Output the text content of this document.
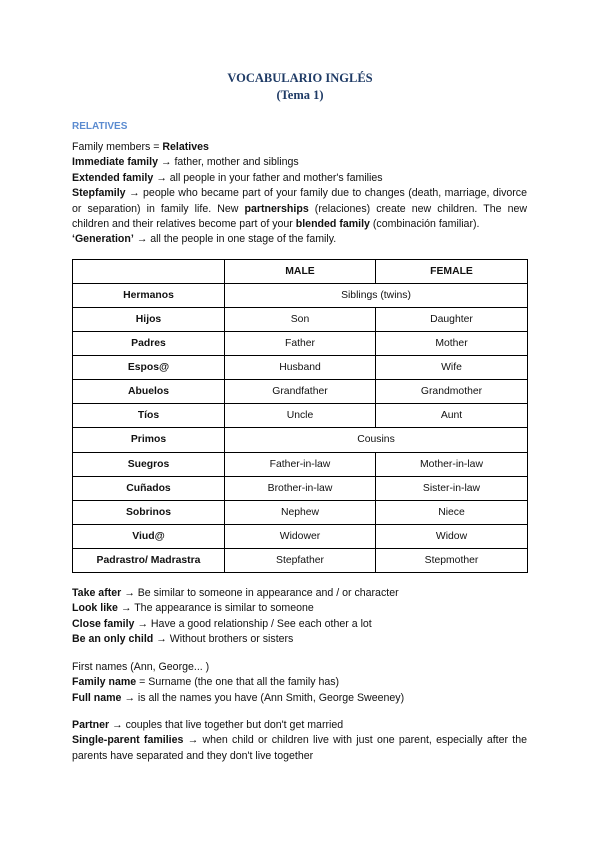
VOCABULARIO INGLÉS
(Tema 1)
RELATIVES
Family members = Relatives
Immediate family → father, mother and siblings
Extended family → all people in your father and mother's families
Stepfamily → people who became part of your family due to changes (death, marriage, divorce or separation) in family life. New partnerships (relaciones) create new children. The new children and their relatives become part of your blended family (combinación familiar).
‘Generation’ → all the people in one stage of the family.
	MALE	FEMALE
Hermanos	Siblings (twins)	
Hijos	Son	Daughter
Padres	Father	Mother
Espos@	Husband	Wife
Abuelos	Grandfather	Grandmother
Tíos	Uncle	Aunt
Primos	Cousins	
Suegros	Father-in-law	Mother-in-law
Cuñados	Brother-in-law	Sister-in-law
Sobrinos	Nephew	Niece
Viud@	Widower	Widow
Padrastro/ Madrastra	Stepfather	Stepmother
Take after → Be similar to someone in appearance and / or character
Look like → The appearance is similar to someone
Close family → Have a good relationship / See each other a lot
Be an only child → Without brothers or sisters
First names (Ann, George... )
Family name = Surname (the one that all the family has)
Full name → is all the names you have (Ann Smith, George Sweeney)
Partner → couples that live together but don't get married
Single-parent families → when child or children live with just one parent, especially after the parents have separated and they don't live together
